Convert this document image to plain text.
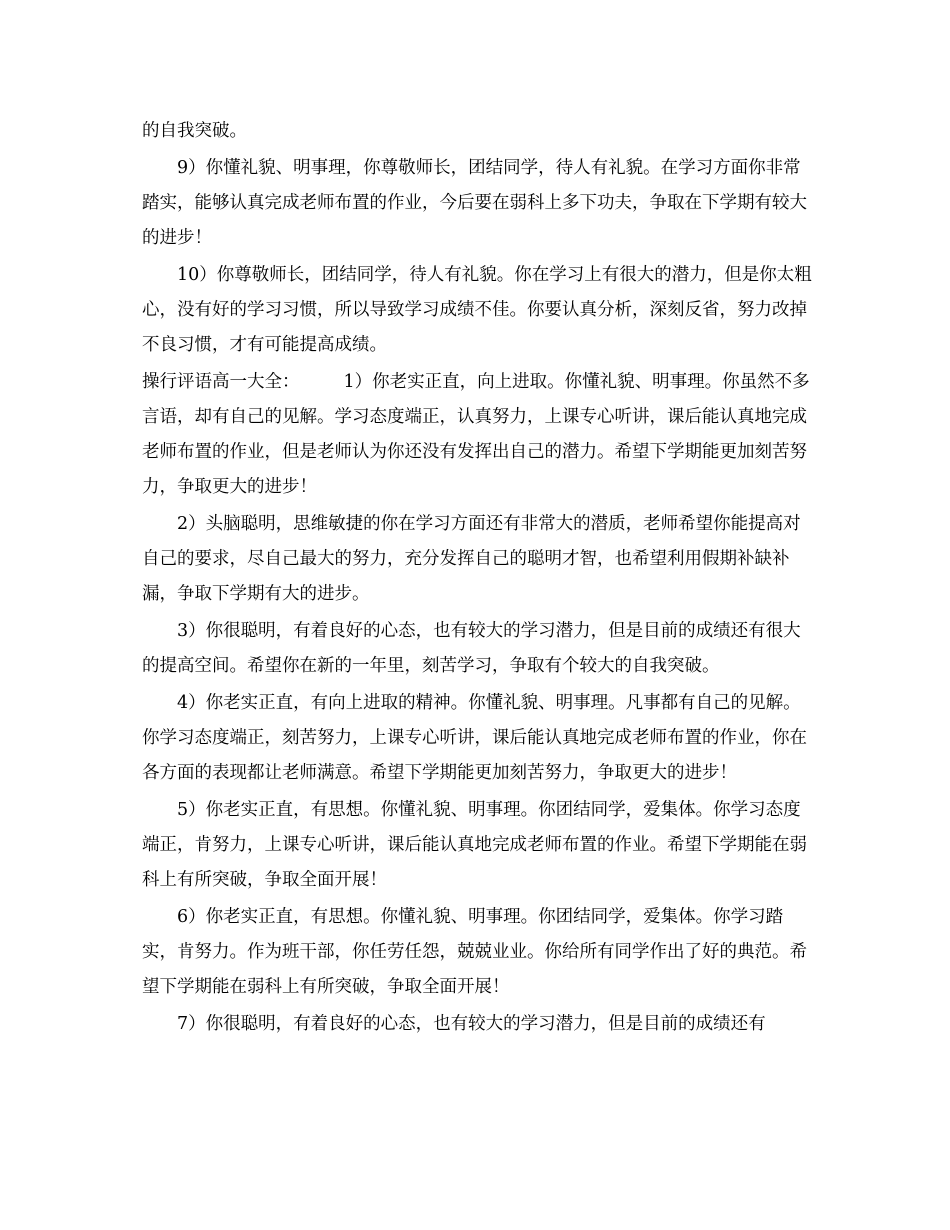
的自我突破。

9）你懂礼貌、明事理，你尊敬师长，团结同学，待人有礼貌。在学习方面你非常踏实，能够认真完成老师布置的作业，今后要在弱科上多下功夫，争取在下学期有较大的进步！

10）你尊敬师长，团结同学，待人有礼貌。你在学习上有很大的潜力，但是你太粗心，没有好的学习习惯，所以导致学习成绩不佳。你要认真分析，深刻反省，努力改掉不良习惯，才有可能提高成绩。

操行评语高一大全：	1）你老实正直，向上进取。你懂礼貌、明事理。你虽然不多言语，却有自己的见解。学习态度端正，认真努力，上课专心听讲，课后能认真地完成老师布置的作业，但是老师认为你还没有发挥出自己的潜力。希望下学期能更加刻苦努力，争取更大的进步！

2）头脑聪明，思维敏捷的你在学习方面还有非常大的潜质，老师希望你能提高对自己的要求，尽自己最大的努力，充分发挥自己的聪明才智，也希望利用假期补缺补漏，争取下学期有大的进步。

3）你很聪明，有着良好的心态，也有较大的学习潜力，但是目前的成绩还有很大的提高空间。希望你在新的一年里，刻苦学习，争取有个较大的自我突破。

4）你老实正直，有向上进取的精神。你懂礼貌、明事理。凡事都有自己的见解。你学习态度端正，刻苦努力，上课专心听讲，课后能认真地完成老师布置的作业，你在各方面的表现都让老师满意。希望下学期能更加刻苦努力，争取更大的进步！

5）你老实正直，有思想。你懂礼貌、明事理。你团结同学，爱集体。你学习态度端正，肯努力，上课专心听讲，课后能认真地完成老师布置的作业。希望下学期能在弱科上有所突破，争取全面开展！

6）你老实正直，有思想。你懂礼貌、明事理。你团结同学，爱集体。你学习踏实，肯努力。作为班干部，你任劳任怨，兢兢业业。你给所有同学作出了好的典范。希望下学期能在弱科上有所突破，争取全面开展！

7）你很聪明，有着良好的心态，也有较大的学习潜力，但是目前的成绩还有
